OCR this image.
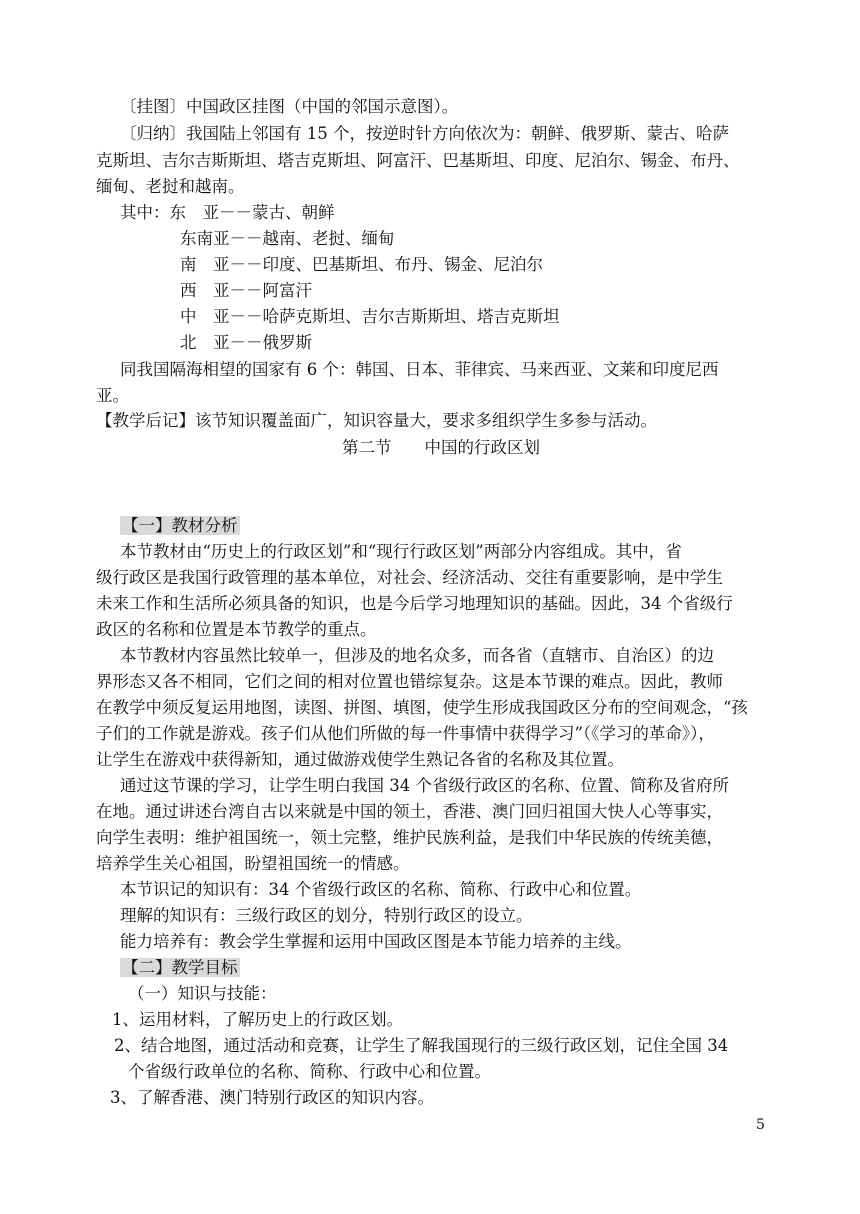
〔挂图〕中国政区挂图（中国的邻国示意图）。
〔归纳〕我国陆上邻国有 15 个，按逆时针方向依次为：朝鲜、俄罗斯、蒙古、哈萨
克斯坦、吉尔吉斯斯坦、塔吉克斯坦、阿富汗、巴基斯坦、印度、尼泊尔、锡金、布丹、
缅甸、老挝和越南。
其中：东　亚－－蒙古、朝鲜
东南亚－－越南、老挝、缅甸
南　亚－－印度、巴基斯坦、布丹、锡金、尼泊尔
西　亚－－阿富汗
中　亚－－哈萨克斯坦、吉尔吉斯斯坦、塔吉克斯坦
北　亚－－俄罗斯
同我国隔海相望的国家有 6 个：韩国、日本、菲律宾、马来西亚、文莱和印度尼西
亚。
【教学后记】该节知识覆盖面广，知识容量大，要求多组织学生多参与活动。
第二节　　中国的行政区划
【一】教材分析
本节教材由“历史上的行政区划”和“现行行政区划”两部分内容组成。其中，省
级行政区是我国行政管理的基本单位，对社会、经济活动、交往有重要影响，是中学生
未来工作和生活所必须具备的知识，也是今后学习地理知识的基础。因此，34 个省级行
政区的名称和位置是本节教学的重点。
本节教材内容虽然比较单一，但涉及的地名众多，而各省（直辖市、自治区）的边
界形态又各不相同，它们之间的相对位置也错综复杂。这是本节课的难点。因此，教师
在教学中须反复运用地图，读图、拼图、填图，使学生形成我国政区分布的空间观念，“孩
子们的工作就是游戏。孩子们从他们所做的每一件事情中获得学习”（《学习的革命》），
让学生在游戏中获得新知，通过做游戏使学生熟记各省的名称及其位置。
通过这节课的学习，让学生明白我国 34 个省级行政区的名称、位置、简称及省府所
在地。通过讲述台湾自古以来就是中国的领土，香港、澳门回归祖国大快人心等事实，
向学生表明：维护祖国统一，领土完整，维护民族利益，是我们中华民族的传统美德，
培养学生关心祖国，盼望祖国统一的情感。
本节识记的知识有：34 个省级行政区的名称、简称、行政中心和位置。
理解的知识有：三级行政区的划分，特别行政区的设立。
能力培养有：教会学生掌握和运用中国政区图是本节能力培养的主线。
【二】教学目标
（一）知识与技能：
1、运用材料，了解历史上的行政区划。
2、结合地图，通过活动和竞赛，让学生了解我国现行的三级行政区划，记住全国 34
个省级行政单位的名称、简称、行政中心和位置。
3、了解香港、澳门特别行政区的知识内容。
5
